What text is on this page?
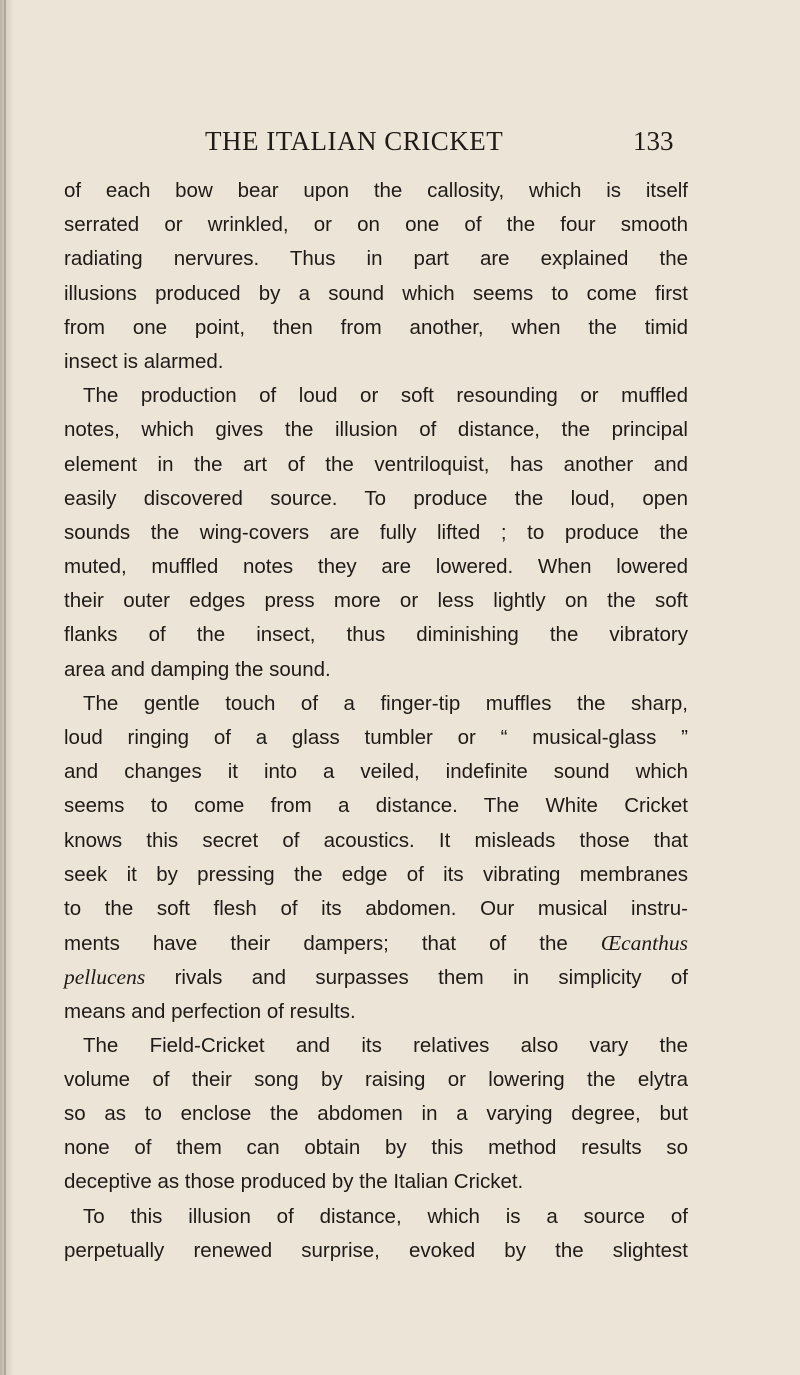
THE ITALIAN CRICKET	133
of each bow bear upon the callosity, which is itself
serrated or wrinkled, or on one of the four smooth
radiating nervures. Thus in part are explained the
illusions produced by a sound which seems to come first
from one point, then from another, when the timid
insect is alarmed.
The production of loud or soft resounding or muffled
notes, which gives the illusion of distance, the principal
element in the art of the ventriloquist, has another and
easily discovered source. To produce the loud, open
sounds the wing-covers are fully lifted ; to produce the
muted, muffled notes they are lowered. When lowered
their outer edges press more or less lightly on the soft
flanks of the insect, thus diminishing the vibratory
area and damping the sound.
The gentle touch of a finger-tip muffles the sharp,
loud ringing of a glass tumbler or “ musical-glass ”
and changes it into a veiled, indefinite sound which
seems to come from a distance. The White Cricket
knows this secret of acoustics. It misleads those that
seek it by pressing the edge of its vibrating membranes
to the soft flesh of its abdomen. Our musical instru-
ments have their dampers; that of the Œcanthus
pellucens rivals and surpasses them in simplicity of
means and perfection of results.
The Field-Cricket and its relatives also vary the
volume of their song by raising or lowering the elytra
so as to enclose the abdomen in a varying degree, but
none of them can obtain by this method results so
deceptive as those produced by the Italian Cricket.
To this illusion of distance, which is a source of
perpetually renewed surprise, evoked by the slightest
